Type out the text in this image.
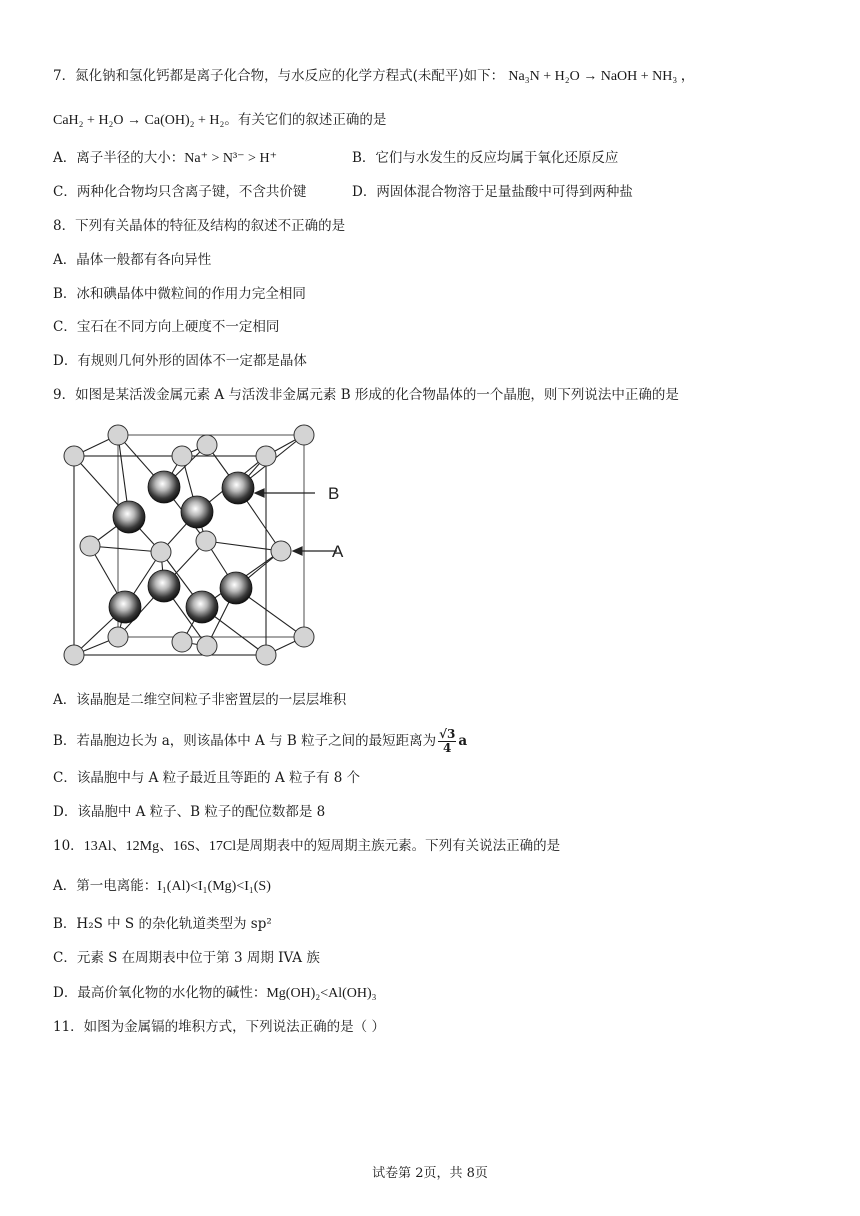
7．氮化钠和氢化钙都是离子化合物，与水反应的化学方程式(未配平)如下： Na₃N + H₂O → NaOH + NH₃ ，
CaH₂ + H₂O → Ca(OH)₂ + H₂。有关它们的叙述正确的是
A．离子半径的大小：Na⁺ > N³⁻ > H⁺	B．它们与水发生的反应均属于氧化还原反应
C．两种化合物均只含离子键，不含共价键	D．两固体混合物溶于足量盐酸中可得到两种盐
8．下列有关晶体的特征及结构的叙述不正确的是
A．晶体一般都有各向异性
B．冰和碘晶体中微粒间的作用力完全相同
C．宝石在不同方向上硬度不一定相同
D．有规则几何外形的固体不一定都是晶体
9．如图是某活泼金属元素 A 与活泼非金属元素 B 形成的化合物晶体的一个晶胞，则下列说法中正确的是
B
A
A．该晶胞是二维空间粒子非密置层的一层层堆积
B．若晶胞边长为 a，则该晶体中 A 与 B 粒子之间的最短距离为 $\frac{√3}{4}$ a
C．该晶胞中与 A 粒子最近且等距的 A 粒子有 8 个
D．该晶胞中 A 粒子、B 粒子的配位数都是 8
10．13Al、12Mg、16S、17Cl是周期表中的短周期主族元素。下列有关说法正确的是
A．第一电离能：I₁(Al)<I₁(Mg)<I₁(S)
B．H₂S 中 S 的杂化轨道类型为 sp²
C．元素 S 在周期表中位于第 3 周期 IVA 族
D．最高价氧化物的水化物的碱性：Mg(OH)₂<Al(OH)₃
11．如图为金属镉的堆积方式，下列说法正确的是（ ）
试卷第 2页，共 8页
